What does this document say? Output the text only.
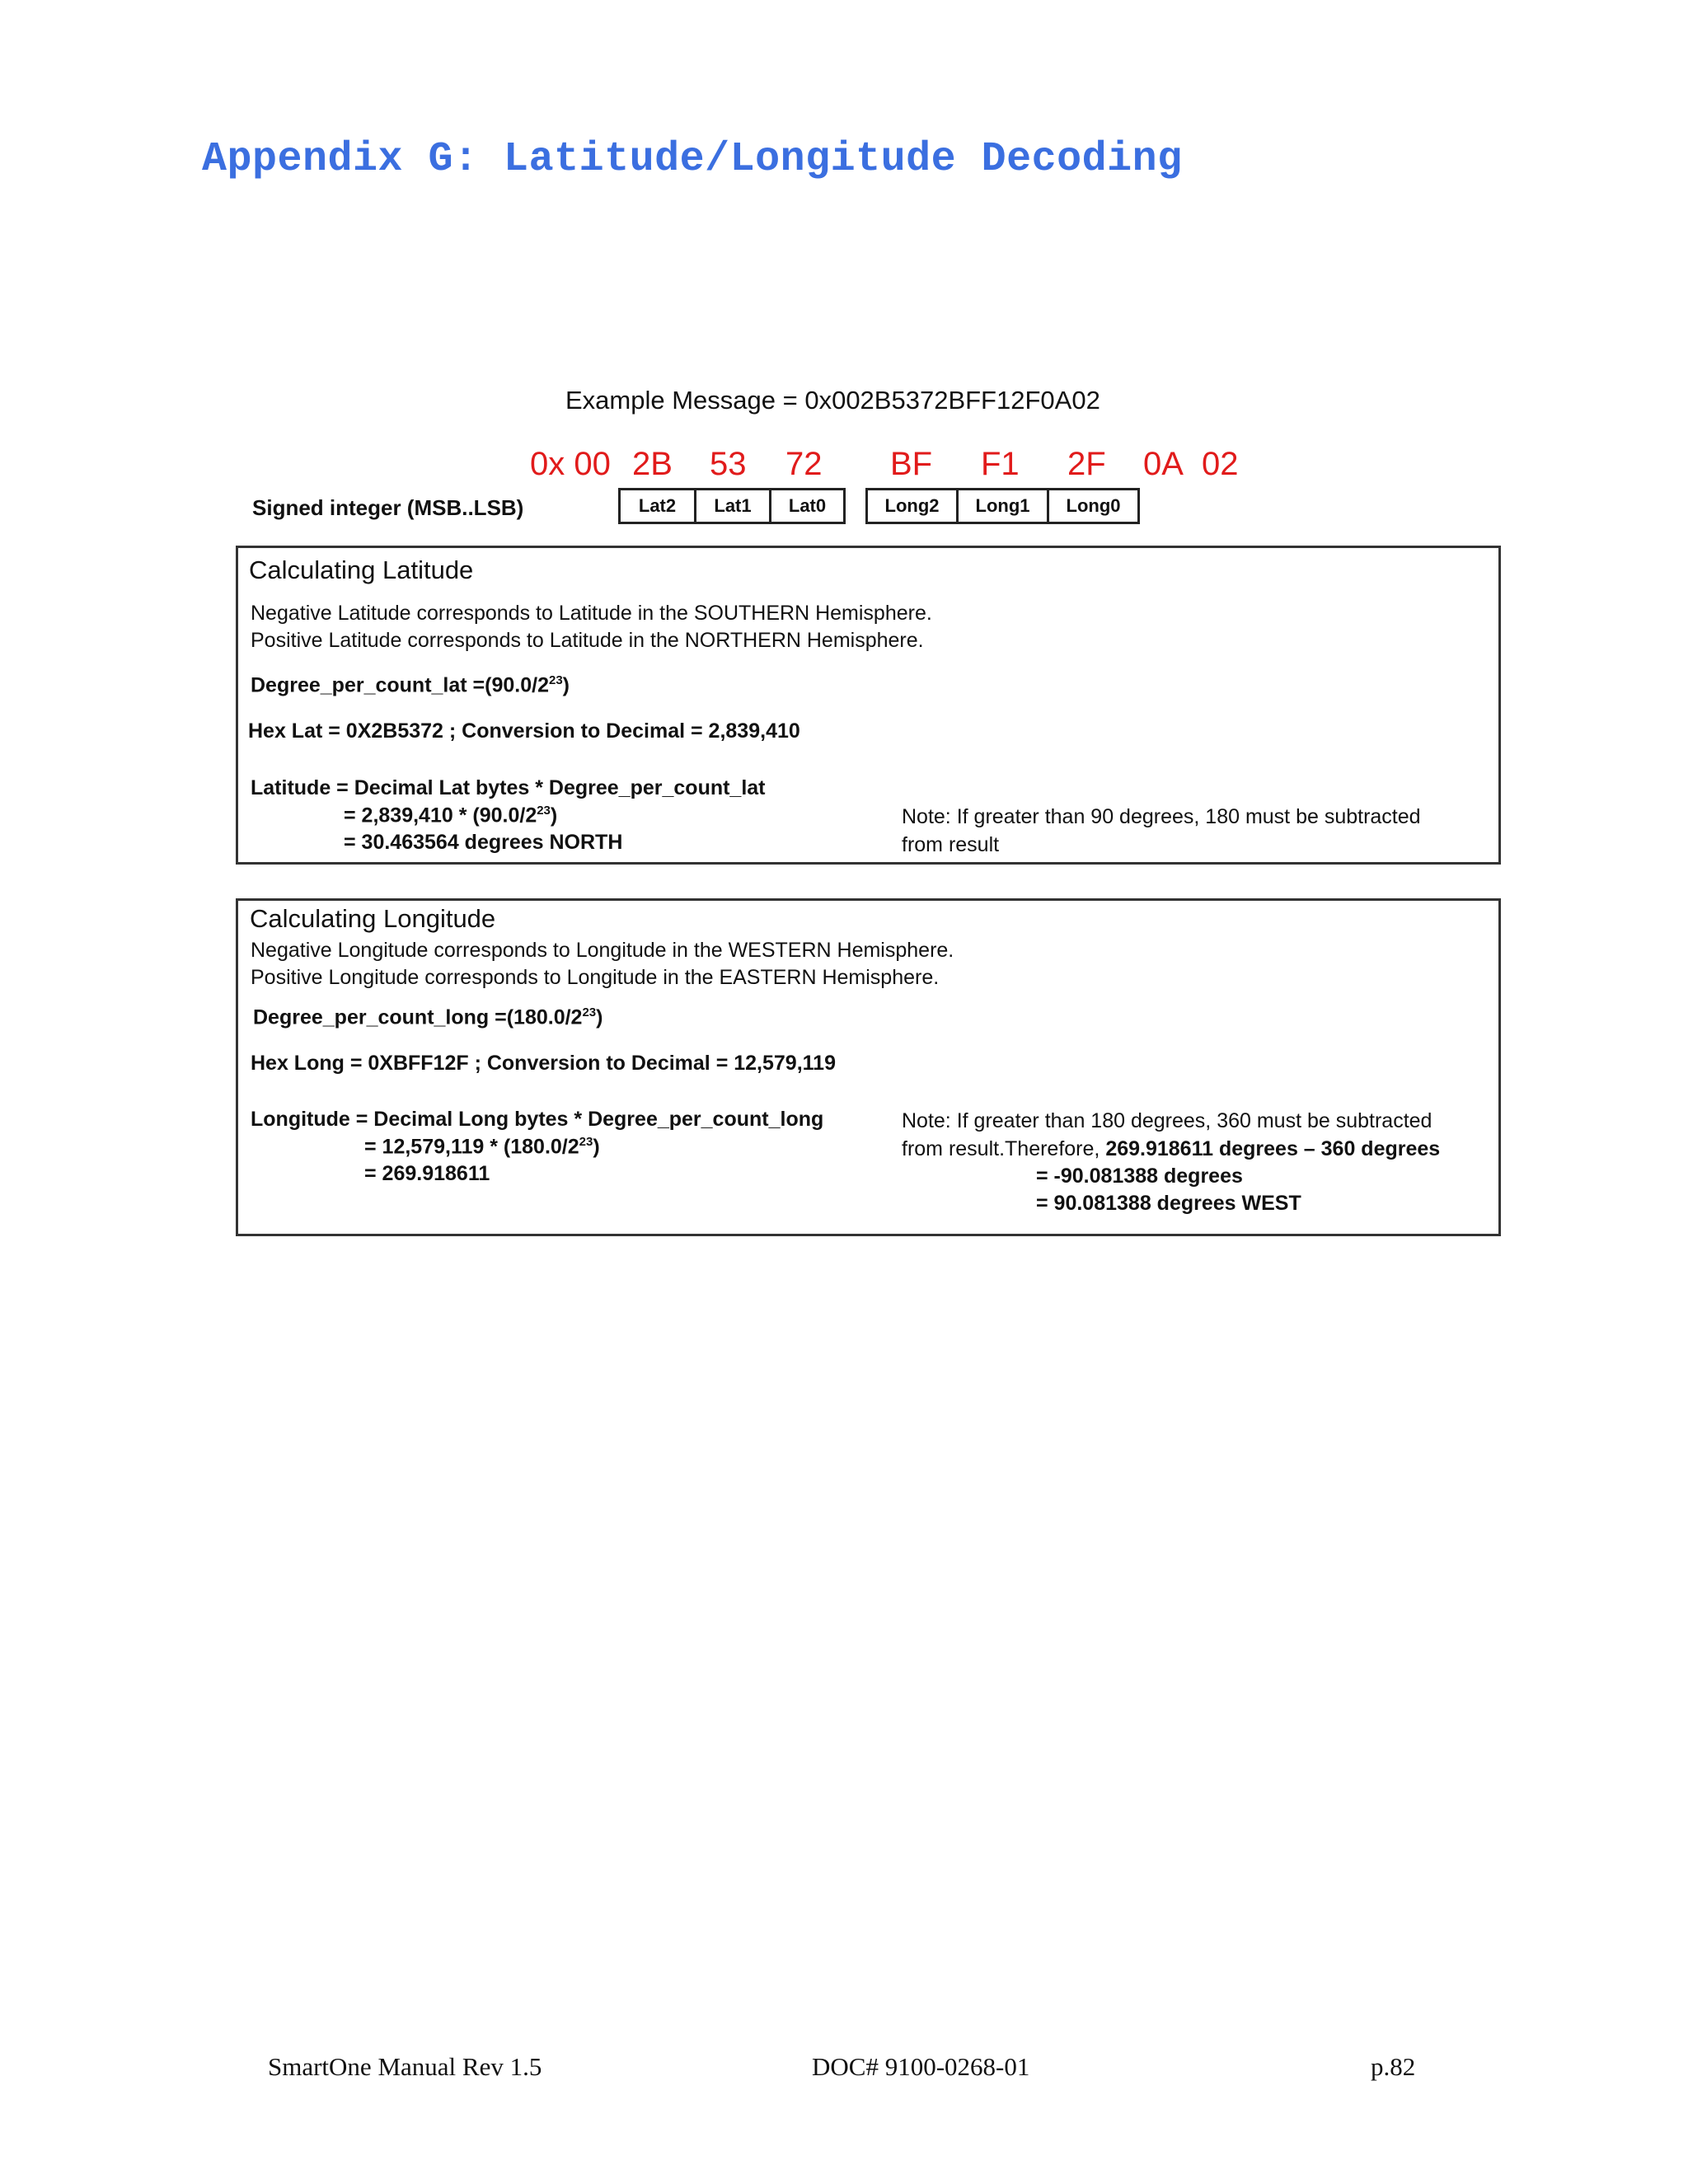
Appendix G: Latitude/Longitude Decoding
Example Message = 0x002B5372BFF12F0A02
0x 00 2B 53 72 BF F1 2F 0A 02
Signed integer (MSB..LSB)	Lat2	Lat1	Lat0	Long2	Long1	Long0
Calculating Latitude
Negative Latitude corresponds to Latitude in the SOUTHERN Hemisphere.
Positive Latitude corresponds to Latitude in the NORTHERN Hemisphere.
Degree_per_count_lat $=(90.0/2^{23})$
Hex Lat = 0X2B5372 ; Conversion to Decimal = 2,839,410
Latitude = Decimal Lat bytes * Degree_per_count_lat
= $2,839,410 * (90.0/2^{23})$
= 30.463564 degrees NORTH
Note: If greater than 90 degrees, 180 must be subtracted
from result
Calculating Longitude
Negative Longitude corresponds to Longitude in the WESTERN Hemisphere.
Positive Longitude corresponds to Longitude in the EASTERN Hemisphere.
Degree_per_count_long $=(180.0/2^{23})$
Hex Long = 0XBFF12F ; Conversion to Decimal = 12,579,119
Longitude = Decimal Long bytes * Degree_per_count_long
= $12,579,119 * (180.0/2^{23})$
= 269.918611
Note: If greater than 180 degrees, 360 must be subtracted
from result.Therefore, 269.918611 degrees – 360 degrees
= -90.081388 degrees
= 90.081388 degrees WEST
SmartOne Manual Rev 1.5	DOC# 9100-0268-01	p.82
